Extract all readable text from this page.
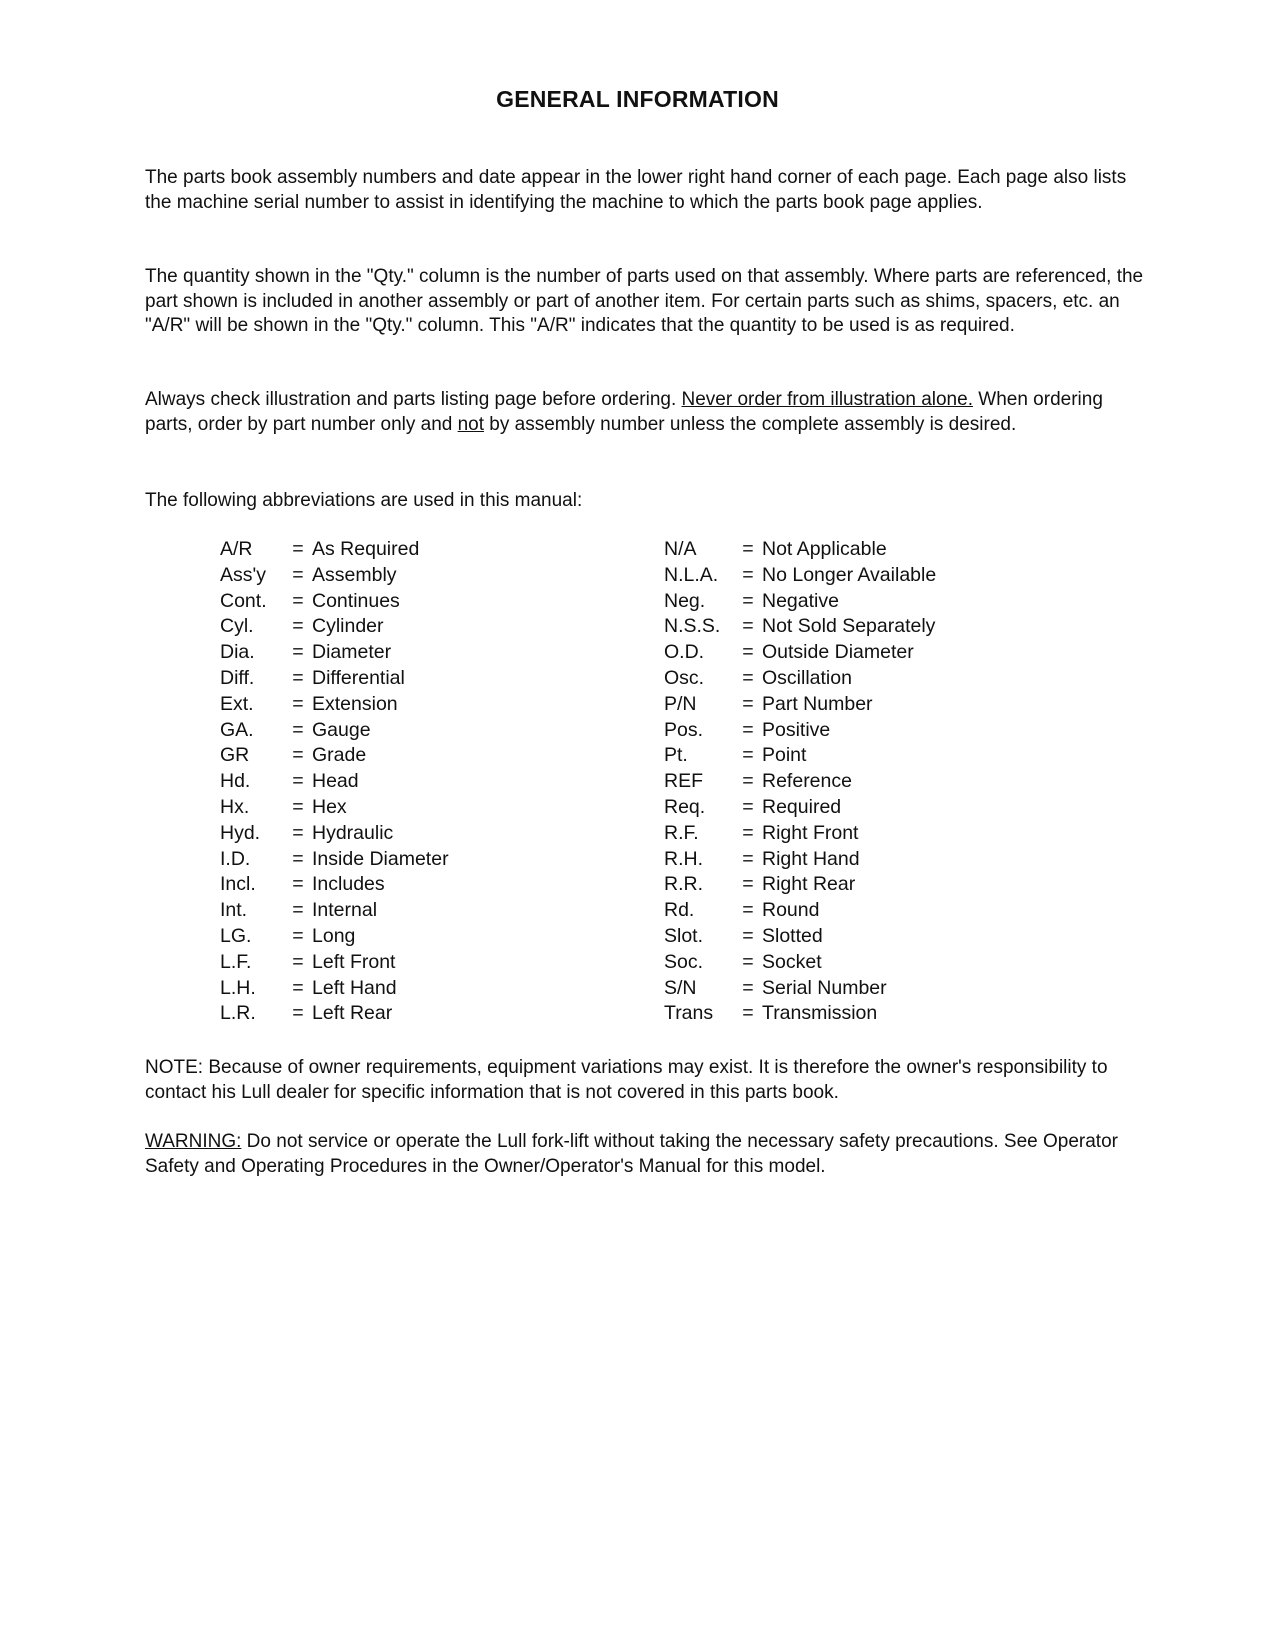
GENERAL INFORMATION

The parts book assembly numbers and date appear in the lower right hand corner of each page. Each page also lists the machine serial number to assist in identifying the machine to which the parts book page applies.

The quantity shown in the "Qty." column is the number of parts used on that assembly. Where parts are referenced, the part shown is included in another assembly or part of another item. For certain parts such as shims, spacers, etc. an "A/R" will be shown in the "Qty." column. This "A/R" indicates that the quantity to be used is as required.

Always check illustration and parts listing page before ordering. Never order from illustration alone. When ordering parts, order by part number only and not by assembly number unless the complete assembly is desired.

The following abbreviations are used in this manual:

A/R	= As Required
Ass'y	= Assembly
Cont.	= Continues
Cyl.	= Cylinder
Dia.	= Diameter
Diff.	= Differential
Ext.	= Extension
GA.	= Gauge
GR	= Grade
Hd.	= Head
Hx.	= Hex
Hyd.	= Hydraulic
I.D.	= Inside Diameter
Incl.	= Includes
Int.	= Internal
LG.	= Long
L.F.	= Left Front
L.H.	= Left Hand
L.R.	= Left Rear
N/A	= Not Applicable
N.L.A.	= No Longer Available
Neg.	= Negative
N.S.S.	= Not Sold Separately
O.D.	= Outside Diameter
Osc.	= Oscillation
P/N	= Part Number
Pos.	= Positive
Pt.	= Point
REF	= Reference
Req.	= Required
R.F.	= Right Front
R.H.	= Right Hand
R.R.	= Right Rear
Rd.	= Round
Slot.	= Slotted
Soc.	= Socket
S/N	= Serial Number
Trans	= Transmission

NOTE: Because of owner requirements, equipment variations may exist. It is therefore the owner's responsibility to contact his Lull dealer for specific information that is not covered in this parts book.

WARNING: Do not service or operate the Lull fork-lift without taking the necessary safety precautions. See Operator Safety and Operating Procedures in the Owner/Operator's Manual for this model.
